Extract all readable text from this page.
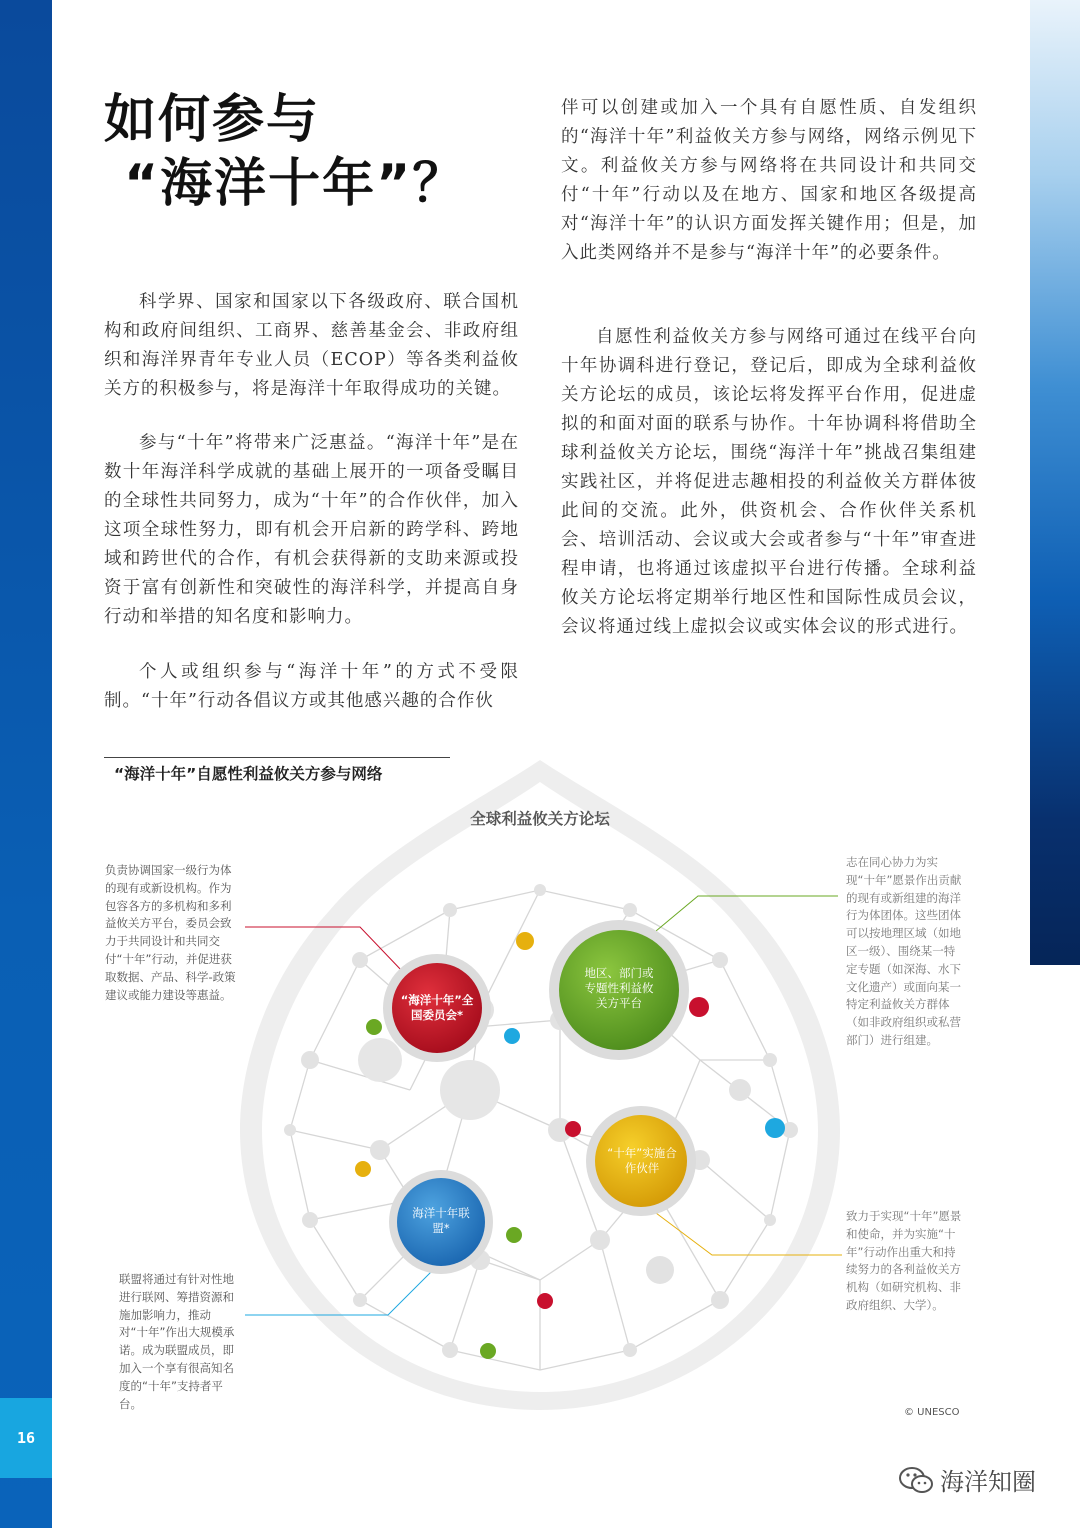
16
如何参与
“海洋十年”？

科学界、国家和国家以下各级政府、联合国机构和政府间组织、工商界、慈善基金会、非政府组织和海洋界青年专业人员（ECOP）等各类利益攸关方的积极参与，将是海洋十年取得成功的关键。

参与“十年”将带来广泛惠益。“海洋十年”是在数十年海洋科学成就的基础上展开的一项备受瞩目的全球性共同努力，成为“十年”的合作伙伴，加入这项全球性努力，即有机会开启新的跨学科、跨地域和跨世代的合作，有机会获得新的支助来源或投资于富有创新性和突破性的海洋科学，并提高自身行动和举措的知名度和影响力。

个人或组织参与“海洋十年”的方式不受限制。“十年”行动各倡议方或其他感兴趣的合作伙

伴可以创建或加入一个具有自愿性质、自发组织的“海洋十年”利益攸关方参与网络，网络示例见下文。利益攸关方参与网络将在共同设计和共同交付“十年”行动以及在地方、国家和地区各级提高对“海洋十年”的认识方面发挥关键作用；但是，加入此类网络并不是参与“海洋十年”的必要条件。

自愿性利益攸关方参与网络可通过在线平台向十年协调科进行登记，登记后，即成为全球利益攸关方论坛的成员，该论坛将发挥平台作用，促进虚拟的和面对面的联系与协作。十年协调科将借助全球利益攸关方论坛，围绕“海洋十年”挑战召集组建实践社区，并将促进志趣相投的利益攸关方群体彼此间的交流。此外，供资机会、合作伙伴关系机会、培训活动、会议或大会或者参与“十年”审查进程申请，也将通过该虚拟平台进行传播。全球利益攸关方论坛将定期举行地区性和国际性成员会议，会议将通过线上虚拟会议或实体会议的形式进行。

“海洋十年”自愿性利益攸关方参与网络
全球利益攸关方论坛
“海洋十年”全国委员会*
地区、部门或专题性利益攸关方平台
“十年”实施合作伙伴
海洋十年联盟*
负责协调国家一级行为体的现有或新设机构。作为包容各方的多机构和多利益攸关方平台，委员会致力于共同设计和共同交付“十年”行动，并促进获取数据、产品、科学-政策建议或能力建设等惠益。
志在同心协力为实现“十年”愿景作出贡献的现有或新组建的海洋行为体团体。这些团体可以按地理区域（如地区一级）、围绕某一特定专题（如深海、水下文化遗产）或面向某一特定利益攸关方群体（如非政府组织或私营部门）进行组建。
致力于实现“十年”愿景和使命，并为实施“十年”行动作出重大和持续努力的各利益攸关方机构（如研究机构、非政府组织、大学）。
联盟将通过有针对性地进行联网、筹措资源和施加影响力，推动对“十年”作出大规模承诺。成为联盟成员，即加入一个享有很高知名度的“十年”支持者平台。
© UNESCO
海洋知圈
